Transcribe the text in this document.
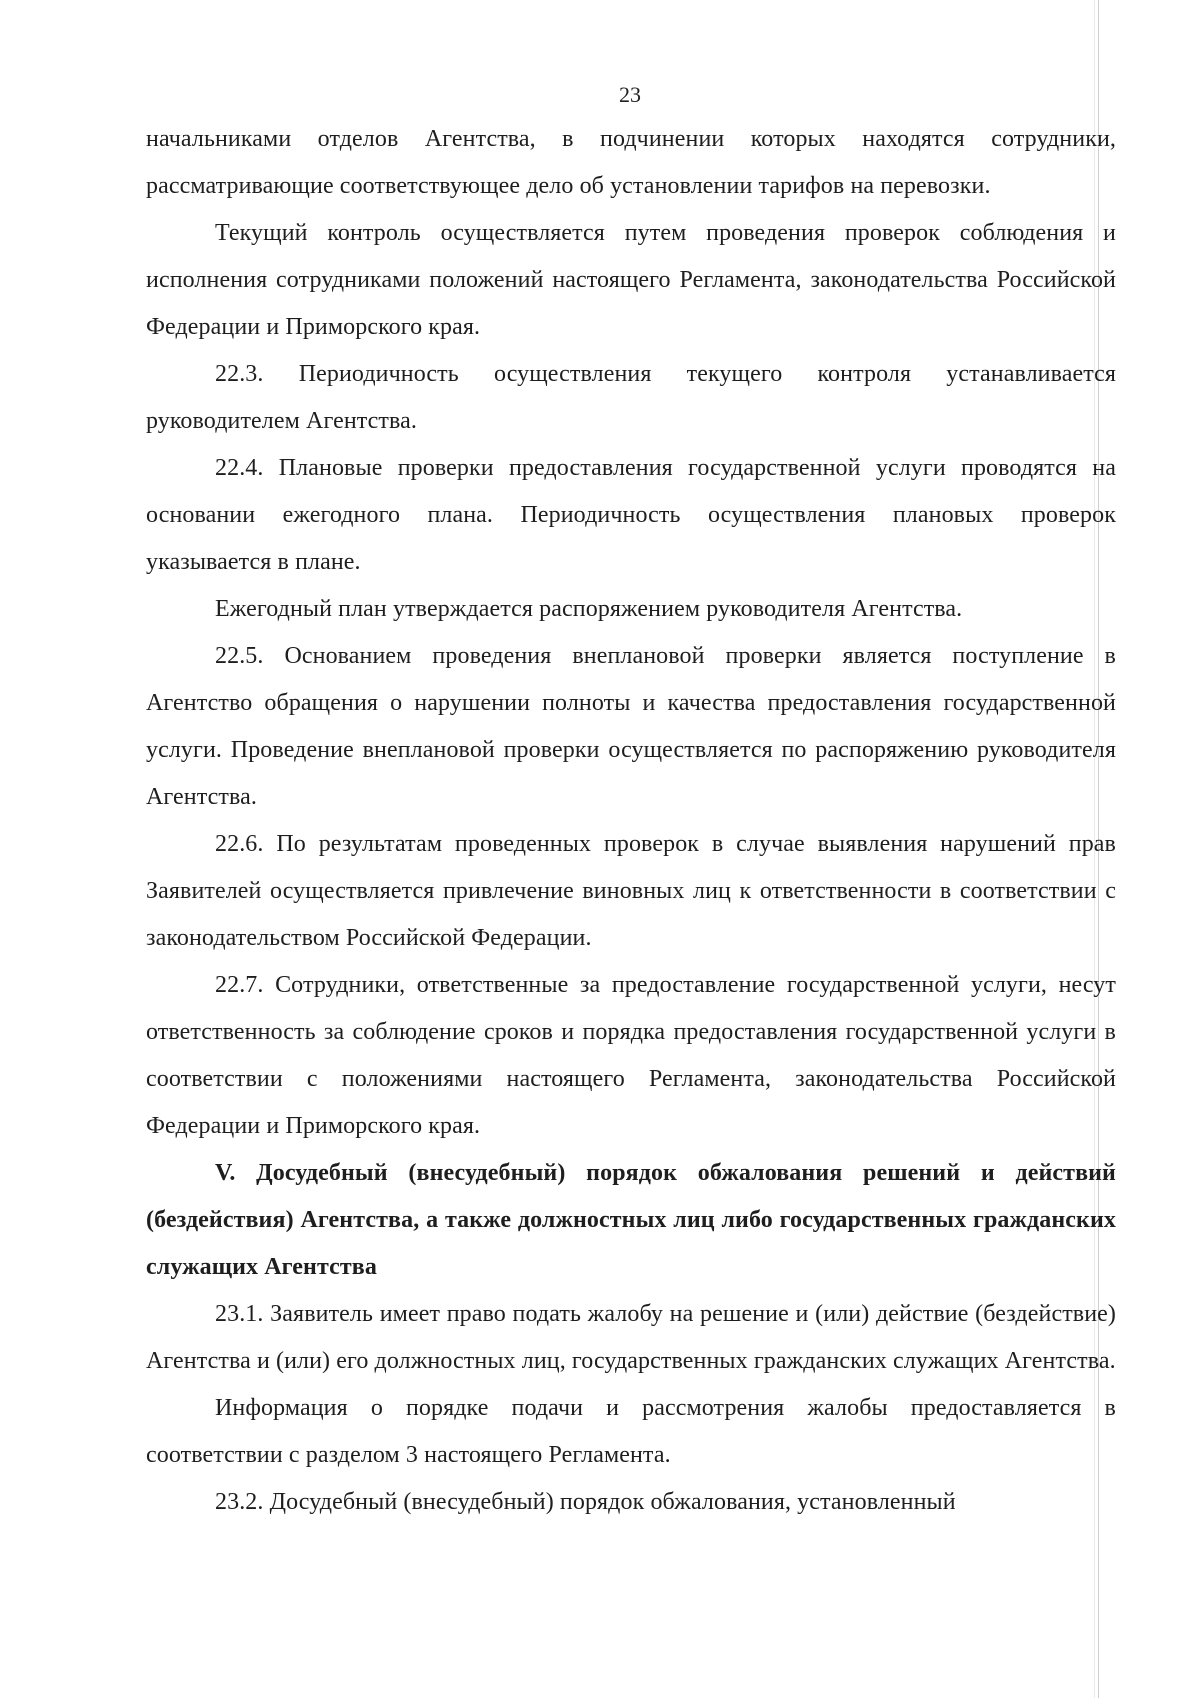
23

начальниками отделов Агентства, в подчинении которых находятся сотрудники, рассматривающие соответствующее дело об установлении тарифов на перевозки.

Текущий контроль осуществляется путем проведения проверок соблюдения и исполнения сотрудниками положений настоящего Регламента, законодательства Российской Федерации и Приморского края.

22.3. Периодичность осуществления текущего контроля устанавливается руководителем Агентства.

22.4. Плановые проверки предоставления государственной услуги проводятся на основании ежегодного плана. Периодичность осуществления плановых проверок указывается в плане.

Ежегодный план утверждается распоряжением руководителя Агентства.

22.5. Основанием проведения внеплановой проверки является поступление в Агентство обращения о нарушении полноты и качества предоставления государственной услуги. Проведение внеплановой проверки осуществляется по распоряжению руководителя Агентства.

22.6. По результатам проведенных проверок в случае выявления нарушений прав Заявителей осуществляется привлечение виновных лиц к ответственности в соответствии с законодательством Российской Федерации.

22.7. Сотрудники, ответственные за предоставление государственной услуги, несут ответственность за соблюдение сроков и порядка предоставления государственной услуги в соответствии с положениями настоящего Регламента, законодательства Российской Федерации и Приморского края.

V. Досудебный (внесудебный) порядок обжалования решений и действий (бездействия) Агентства, а также должностных лиц либо государственных гражданских служащих Агентства

23.1. Заявитель имеет право подать жалобу на решение и (или) действие (бездействие) Агентства и (или) его должностных лиц, государственных гражданских служащих Агентства.

Информация о порядке подачи и рассмотрения жалобы предоставляется в соответствии с разделом 3 настоящего Регламента.

23.2. Досудебный (внесудебный) порядок обжалования, установленный
